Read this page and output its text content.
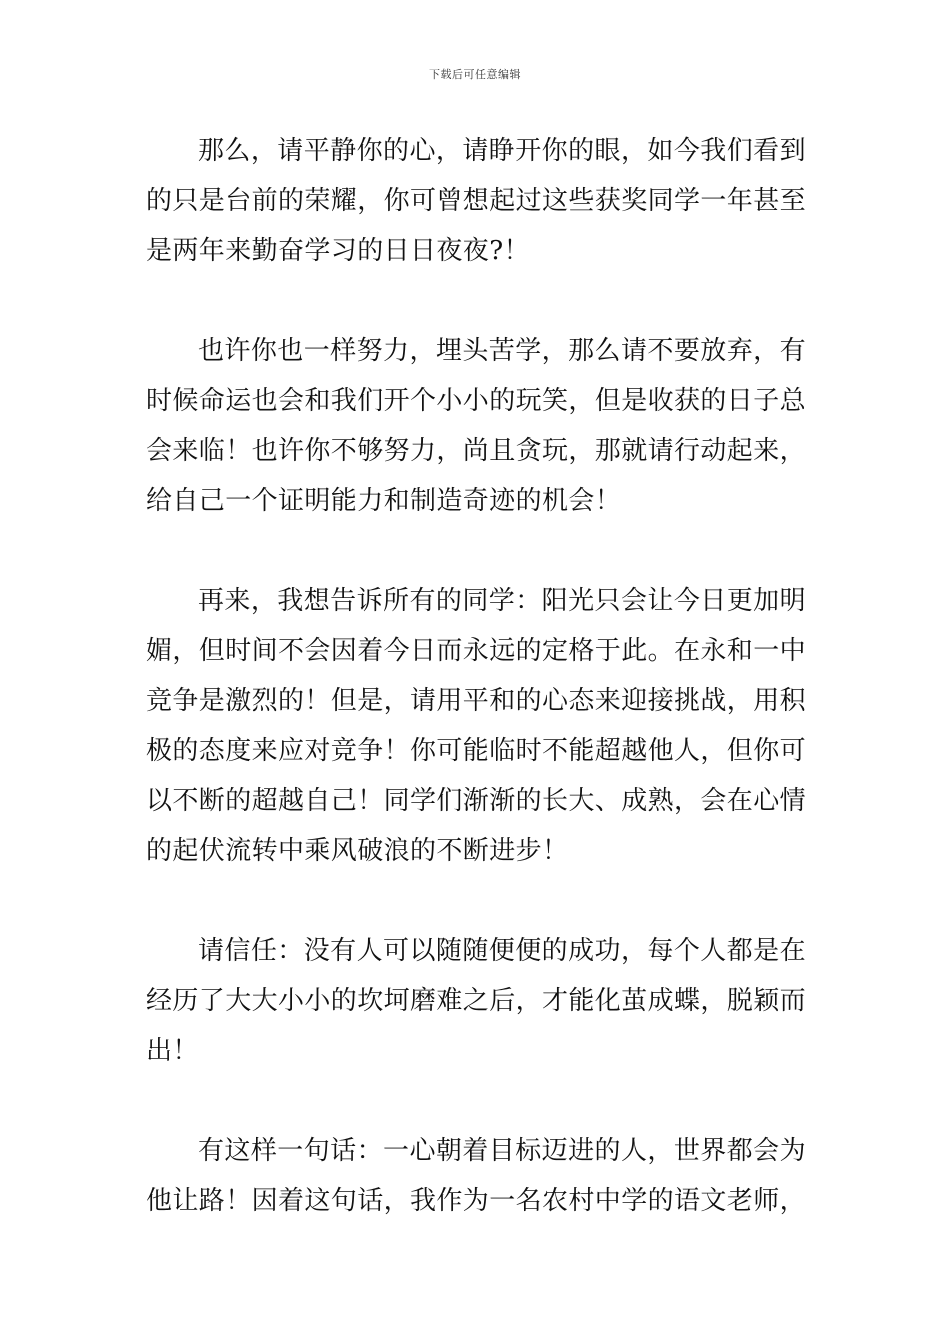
下载后可任意编辑

那么，请平静你的心，请睁开你的眼，如今我们看到的只是台前的荣耀，你可曾想起过这些获奖同学一年甚至是两年来勤奋学习的日日夜夜?！

也许你也一样努力，埋头苦学，那么请不要放弃，有时候命运也会和我们开个小小的玩笑，但是收获的日子总会来临！也许你不够努力，尚且贪玩，那就请行动起来，给自己一个证明能力和制造奇迹的机会！

再来，我想告诉所有的同学：阳光只会让今日更加明媚，但时间不会因着今日而永远的定格于此。在永和一中竞争是激烈的！但是，请用平和的心态来迎接挑战，用积极的态度来应对竞争！你可能临时不能超越他人，但你可以不断的超越自己！同学们渐渐的长大、成熟，会在心情的起伏流转中乘风破浪的不断进步！

请信任：没有人可以随随便便的成功，每个人都是在经历了大大小小的坎坷磨难之后，才能化茧成蝶，脱颖而出！

有这样一句话：一心朝着目标迈进的人，世界都会为他让路！因着这句话，我作为一名农村中学的语文老师，
